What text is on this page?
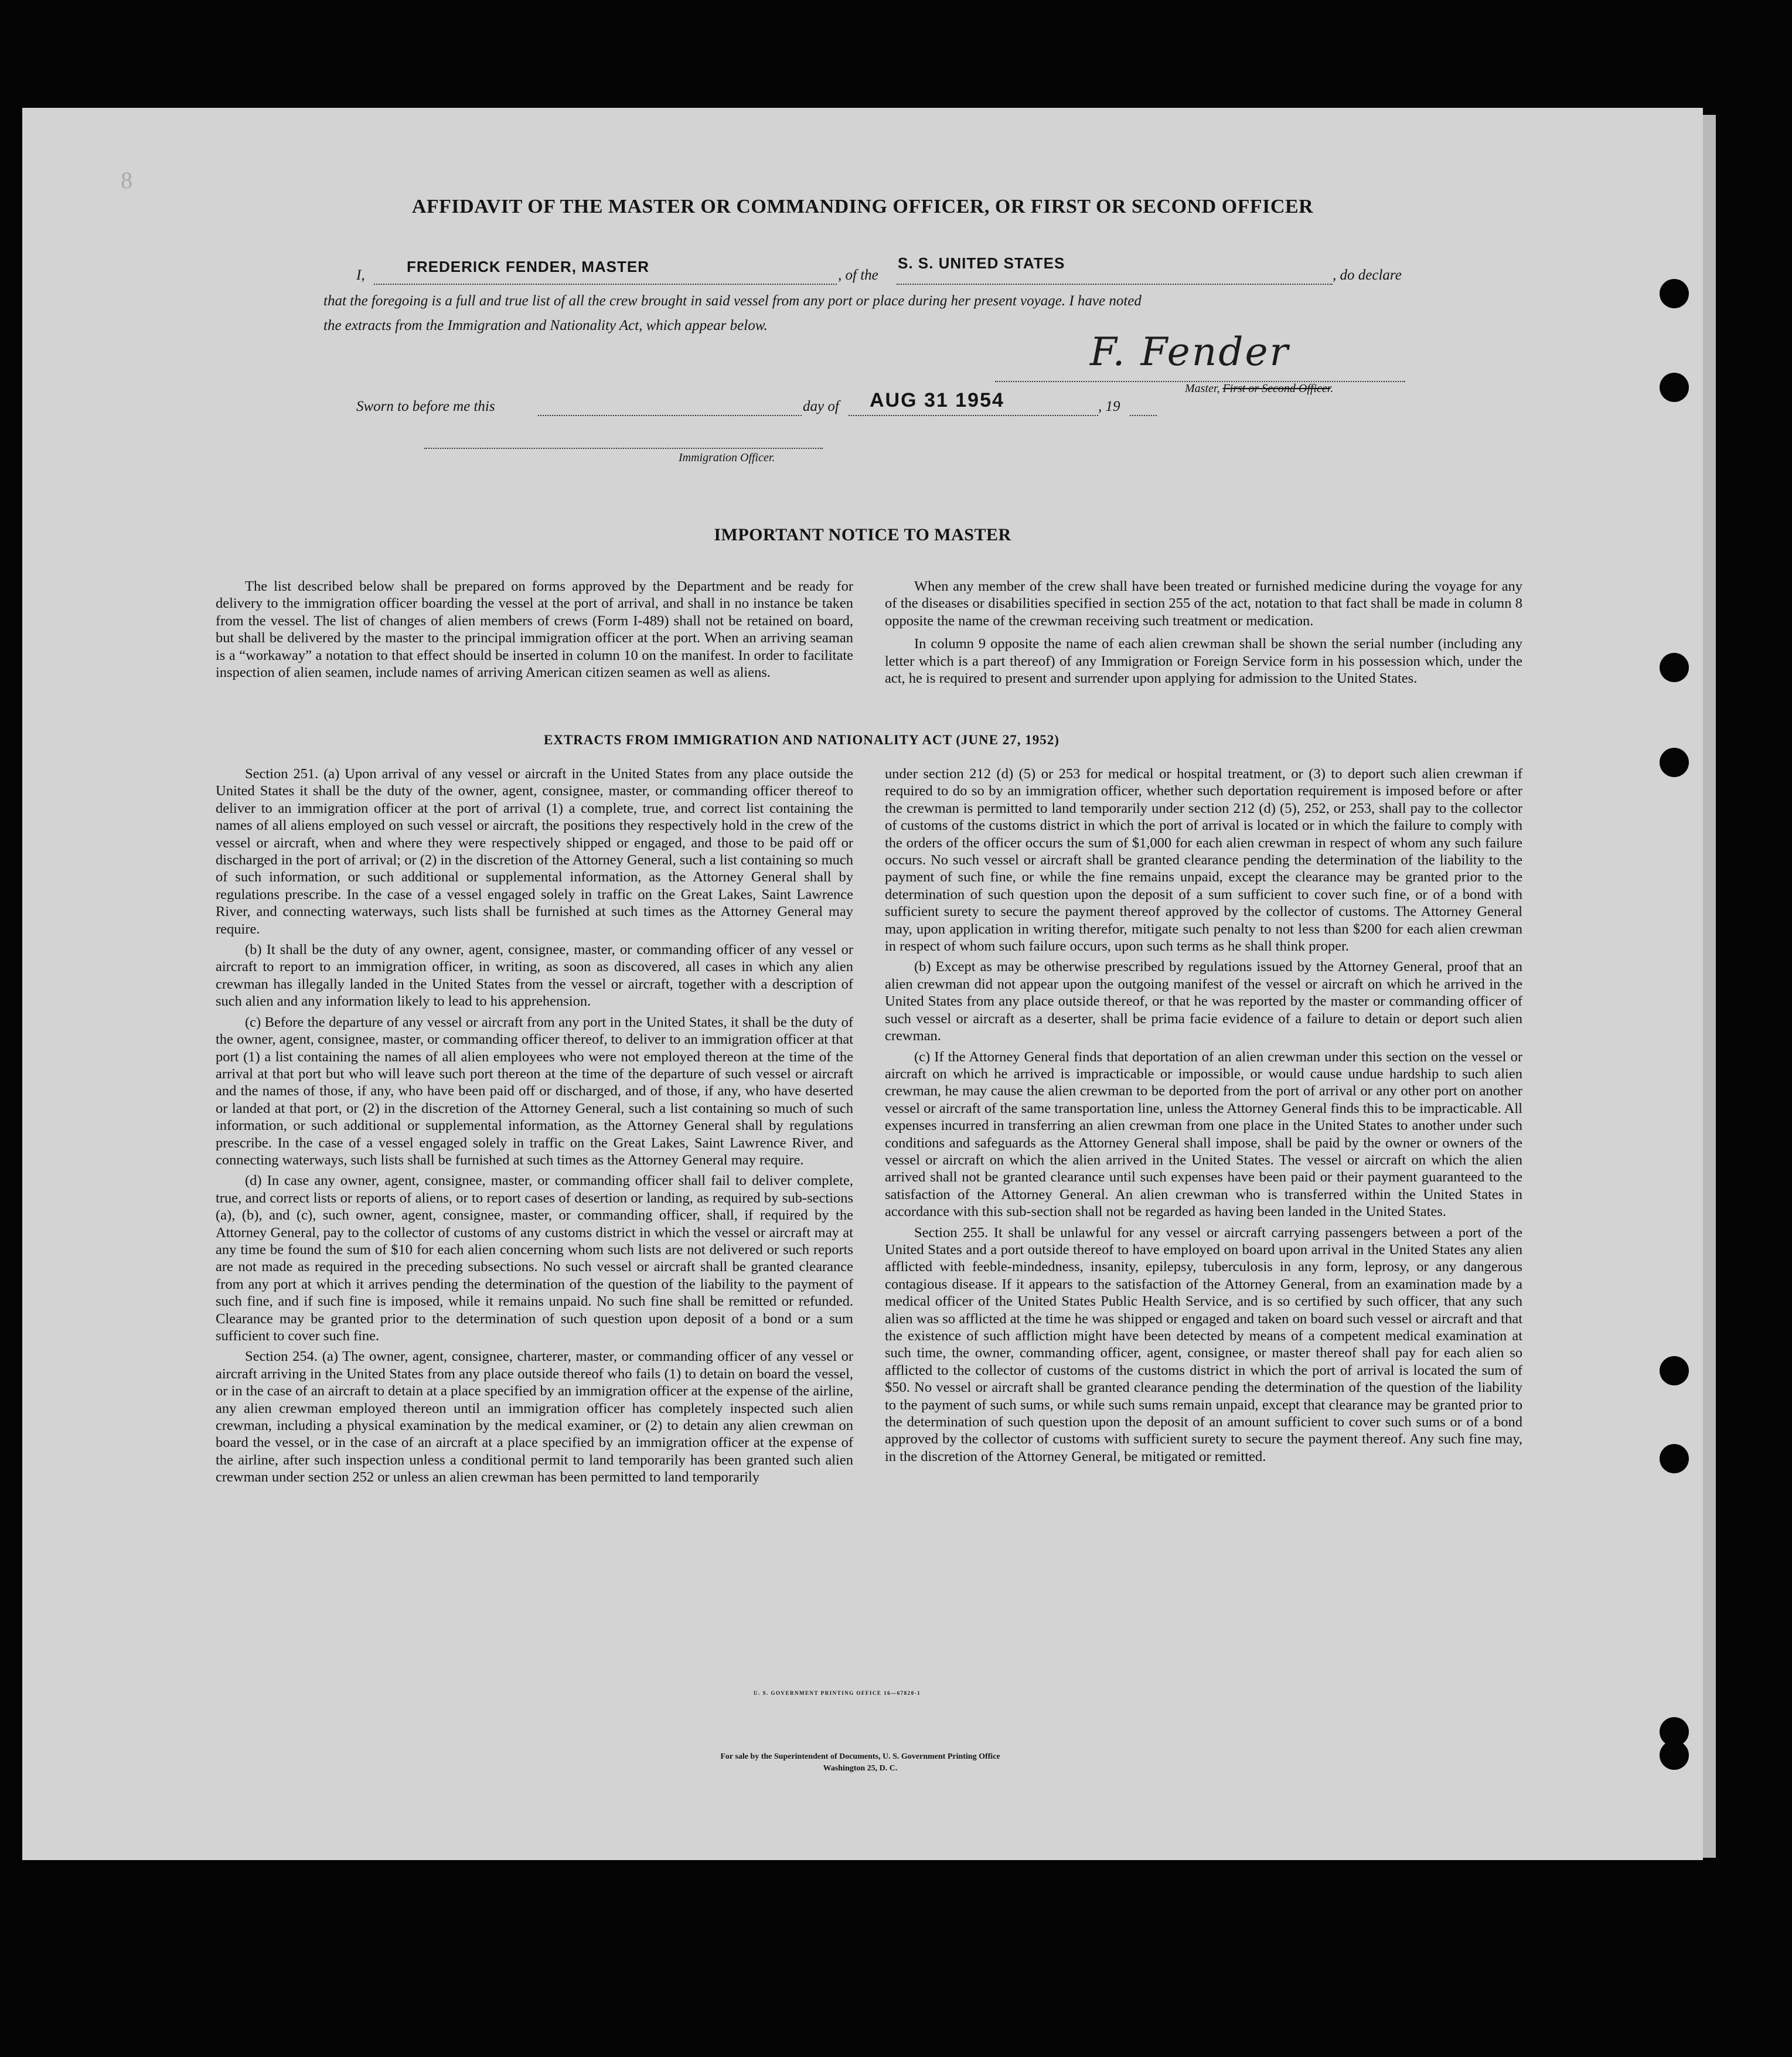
8
AFFIDAVIT OF THE MASTER OR COMMANDING OFFICER, OR FIRST OR SECOND OFFICER
I,	FREDERICK FENDER, MASTER	, of the
S. S. UNITED STATES
, do declare
that the foregoing is a full and true list of all the crew brought in said vessel from any port or place during her present voyage. I have noted
the extracts from the Immigration and Nationality Act, which appear below.
F. Fender
Master, First or Second Officer.
Sworn to before me this	day of AUG 31 1954	, 19
Immigration Officer.
IMPORTANT NOTICE TO MASTER

The list described below shall be prepared on forms approved by the Department and be ready for delivery to the immigration officer boarding the vessel at the port of arrival, and shall in no instance be taken from the vessel. The list of changes of alien members of crews (Form I-489) shall not be retained on board, but shall be delivered by the master to the principal immigration officer at the port. When an arriving seaman is a “workaway” a notation to that effect should be inserted in column 10 on the manifest. In order to facilitate inspection of alien seamen, include names of arriving American citizen seamen as well as aliens.

When any member of the crew shall have been treated or furnished medicine during the voyage for any of the diseases or disabilities specified in section 255 of the act, notation to that fact shall be made in column 8 opposite the name of the crewman receiving such treatment or medication.

In column 9 opposite the name of each alien crewman shall be shown the serial number (including any letter which is a part thereof) of any Immigration or Foreign Service form in his possession which, under the act, he is required to present and surrender upon applying for admission to the United States.

EXTRACTS FROM IMMIGRATION AND NATIONALITY ACT (JUNE 27, 1952)

Section 251. (a) Upon arrival of any vessel or aircraft in the United States from any place outside the United States it shall be the duty of the owner, agent, consignee, master, or commanding officer thereof to deliver to an immigration officer at the port of arrival (1) a complete, true, and correct list containing the names of all aliens employed on such vessel or aircraft, the positions they respectively hold in the crew of the vessel or aircraft, when and where they were respectively shipped or engaged, and those to be paid off or discharged in the port of arrival; or (2) in the discretion of the Attorney General, such a list containing so much of such information, or such additional or supplemental information, as the Attorney General shall by regulations prescribe. In the case of a vessel engaged solely in traffic on the Great Lakes, Saint Lawrence River, and connecting waterways, such lists shall be furnished at such times as the Attorney General may require.

(b) It shall be the duty of any owner, agent, consignee, master, or commanding officer of any vessel or aircraft to report to an immigration officer, in writing, as soon as discovered, all cases in which any alien crewman has illegally landed in the United States from the vessel or aircraft, together with a description of such alien and any information likely to lead to his apprehension.

(c) Before the departure of any vessel or aircraft from any port in the United States, it shall be the duty of the owner, agent, consignee, master, or commanding officer thereof, to deliver to an immigration officer at that port (1) a list containing the names of all alien employees who were not employed thereon at the time of the arrival at that port but who will leave such port thereon at the time of the departure of such vessel or aircraft and the names of those, if any, who have been paid off or discharged, and of those, if any, who have deserted or landed at that port, or (2) in the discretion of the Attorney General, such a list containing so much of such information, or such additional or supplemental information, as the Attorney General shall by regulations prescribe. In the case of a vessel engaged solely in traffic on the Great Lakes, Saint Lawrence River, and connecting waterways, such lists shall be furnished at such times as the Attorney General may require.

(d) In case any owner, agent, consignee, master, or commanding officer shall fail to deliver complete, true, and correct lists or reports of aliens, or to report cases of desertion or landing, as required by sub-sections (a), (b), and (c), such owner, agent, consignee, master, or commanding officer, shall, if required by the Attorney General, pay to the collector of customs of any customs district in which the vessel or aircraft may at any time be found the sum of $10 for each alien concerning whom such lists are not delivered or such reports are not made as required in the preceding subsections. No such vessel or aircraft shall be granted clearance from any port at which it arrives pending the determination of the question of the liability to the payment of such fine, and if such fine is imposed, while it remains unpaid. No such fine shall be remitted or refunded. Clearance may be granted prior to the determination of such question upon deposit of a bond or a sum sufficient to cover such fine.

Section 254. (a) The owner, agent, consignee, charterer, master, or commanding officer of any vessel or aircraft arriving in the United States from any place outside thereof who fails (1) to detain on board the vessel, or in the case of an aircraft to detain at a place specified by an immigration officer at the expense of the airline, any alien crewman employed thereon until an immigration officer has completely inspected such alien crewman, including a physical examination by the medical examiner, or (2) to detain any alien crewman on board the vessel, or in the case of an aircraft at a place specified by an immigration officer at the expense of the airline, after such inspection unless a conditional permit to land temporarily has been granted such alien crewman under section 252 or unless an alien crewman has been permitted to land temporarily

under section 212 (d) (5) or 253 for medical or hospital treatment, or (3) to deport such alien crewman if required to do so by an immigration officer, whether such deportation requirement is imposed before or after the crewman is permitted to land temporarily under section 212 (d) (5), 252, or 253, shall pay to the collector of customs of the customs district in which the port of arrival is located or in which the failure to comply with the orders of the officer occurs the sum of $1,000 for each alien crewman in respect of whom any such failure occurs. No such vessel or aircraft shall be granted clearance pending the determination of the liability to the payment of such fine, or while the fine remains unpaid, except the clearance may be granted prior to the determination of such question upon the deposit of a sum sufficient to cover such fine, or of a bond with sufficient surety to secure the payment thereof approved by the collector of customs. The Attorney General may, upon application in writing therefor, mitigate such penalty to not less than $200 for each alien crewman in respect of whom such failure occurs, upon such terms as he shall think proper.

(b) Except as may be otherwise prescribed by regulations issued by the Attorney General, proof that an alien crewman did not appear upon the outgoing manifest of the vessel or aircraft on which he arrived in the United States from any place outside thereof, or that he was reported by the master or commanding officer of such vessel or aircraft as a deserter, shall be prima facie evidence of a failure to detain or deport such alien crewman.

(c) If the Attorney General finds that deportation of an alien crewman under this section on the vessel or aircraft on which he arrived is impracticable or impossible, or would cause undue hardship to such alien crewman, he may cause the alien crewman to be deported from the port of arrival or any other port on another vessel or aircraft of the same transportation line, unless the Attorney General finds this to be impracticable. All expenses incurred in transferring an alien crewman from one place in the United States to another under such conditions and safeguards as the Attorney General shall impose, shall be paid by the owner or owners of the vessel or aircraft on which the alien arrived in the United States. The vessel or aircraft on which the alien arrived shall not be granted clearance until such expenses have been paid or their payment guaranteed to the satisfaction of the Attorney General. An alien crewman who is transferred within the United States in accordance with this sub-section shall not be regarded as having been landed in the United States.

Section 255. It shall be unlawful for any vessel or aircraft carrying passengers between a port of the United States and a port outside thereof to have employed on board upon arrival in the United States any alien afflicted with feeble-mindedness, insanity, epilepsy, tuberculosis in any form, leprosy, or any dangerous contagious disease. If it appears to the satisfaction of the Attorney General, from an examination made by a medical officer of the United States Public Health Service, and is so certified by such officer, that any such alien was so afflicted at the time he was shipped or engaged and taken on board such vessel or aircraft and that the existence of such affliction might have been detected by means of a competent medical examination at such time, the owner, commanding officer, agent, consignee, or master thereof shall pay for each alien so afflicted to the collector of customs of the customs district in which the port of arrival is located the sum of $50. No vessel or aircraft shall be granted clearance pending the determination of the question of the liability to the payment of such sums, or while such sums remain unpaid, except that clearance may be granted prior to the determination of such question upon the deposit of an amount sufficient to cover such sums or of a bond approved by the collector of customs with sufficient surety to secure the payment thereof. Any such fine may, in the discretion of the Attorney General, be mitigated or remitted.

U. S. GOVERNMENT PRINTING OFFICE 16—67820-1
For sale by the Superintendent of Documents, U. S. Government Printing Office
Washington 25, D. C.
